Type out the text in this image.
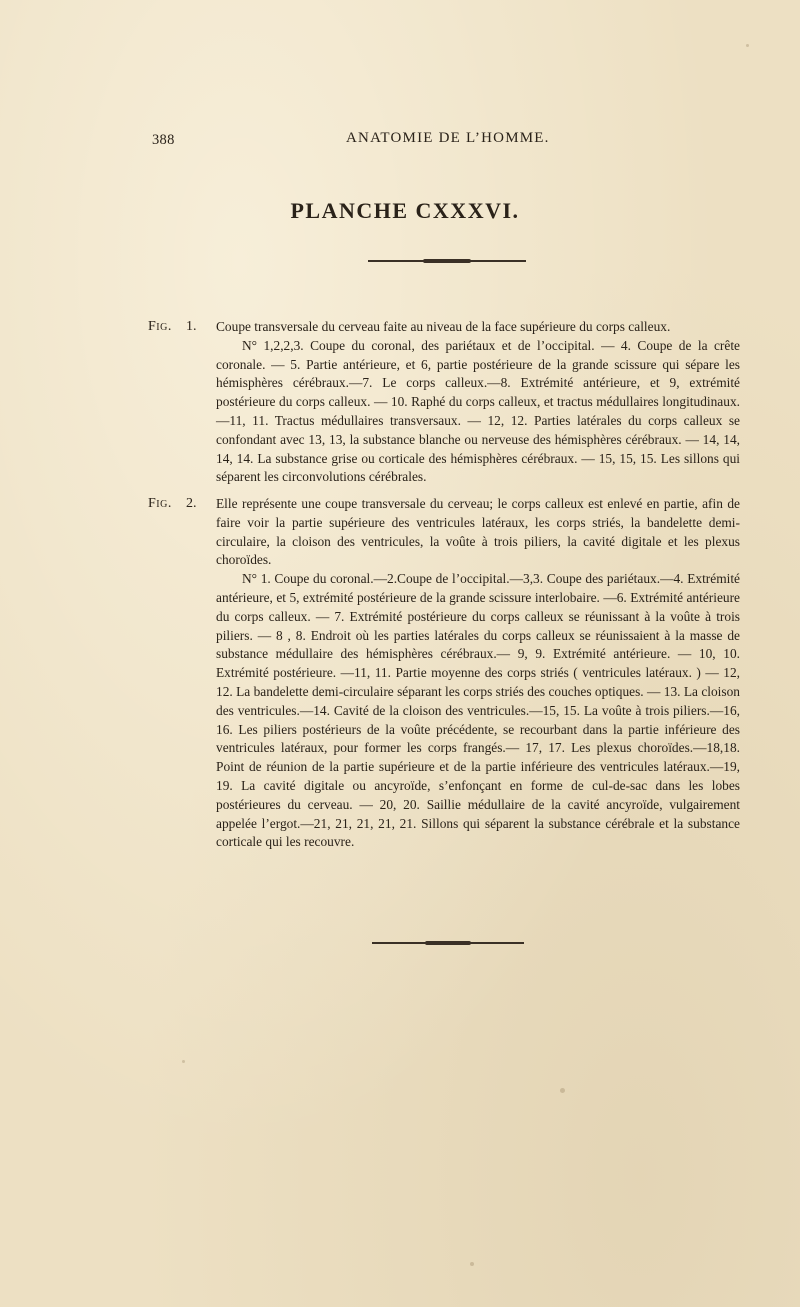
388	ANATOMIE DE L’HOMME.
PLANCHE CXXXVI.
Fig. 1. Coupe transversale du cerveau faite au niveau de la face supérieure du corps calleux.

N° 1,2,2,3. Coupe du coronal, des pariétaux et de l’occipital. — 4. Coupe de la crête coronale. — 5. Partie antérieure, et 6, partie postérieure de la grande scissure qui sépare les hémisphères cérébraux.—7. Le corps calleux.—8. Extrémité antérieure, et 9, extrémité postérieure du corps calleux. — 10. Raphé du corps calleux, et tractus médullaires longitudinaux.—11, 11. Tractus médullaires transversaux. — 12, 12. Parties latérales du corps calleux se confondant avec 13, 13, la substance blanche ou nerveuse des hémisphères cérébraux. — 14, 14, 14, 14. La substance grise ou corticale des hémisphères cérébraux. — 15, 15, 15. Les sillons qui séparent les circonvolutions cérébrales.

Fig. 2. Elle représente une coupe transversale du cerveau; le corps calleux est enlevé en partie, afin de faire voir la partie supérieure des ventricules latéraux, les corps striés, la bandelette demi-circulaire, la cloison des ventricules, la voûte à trois piliers, la cavité digitale et les plexus choroïdes.

N° 1. Coupe du coronal.—2.Coupe de l’occipital.—3,3. Coupe des pariétaux.—4. Extrémité antérieure, et 5, extrémité postérieure de la grande scissure interlobaire. —6. Extrémité antérieure du corps calleux. — 7. Extrémité postérieure du corps calleux se réunissant à la voûte à trois piliers. — 8 , 8. Endroit où les parties latérales du corps calleux se réunissaient à la masse de substance médullaire des hémisphères cérébraux.— 9, 9. Extrémité antérieure. — 10, 10. Extrémité postérieure. —11, 11. Partie moyenne des corps striés ( ventricules latéraux. ) — 12, 12. La bandelette demi-circulaire séparant les corps striés des couches optiques. — 13. La cloison des ventricules.—14. Cavité de la cloison des ventricules.—15, 15. La voûte à trois piliers.—16, 16. Les piliers postérieurs de la voûte précédente, se recourbant dans la partie inférieure des ventricules latéraux, pour former les corps frangés.— 17, 17. Les plexus choroïdes.—18,18. Point de réunion de la partie supérieure et de la partie inférieure des ventricules latéraux.—19, 19. La cavité digitale ou ancyroïde, s’enfonçant en forme de cul-de-sac dans les lobes postérieures du cerveau. — 20, 20. Saillie médullaire de la cavité ancyroïde, vulgairement appelée l’ergot.—21, 21, 21, 21, 21. Sillons qui séparent la substance cérébrale et la substance corticale qui les recouvre.
